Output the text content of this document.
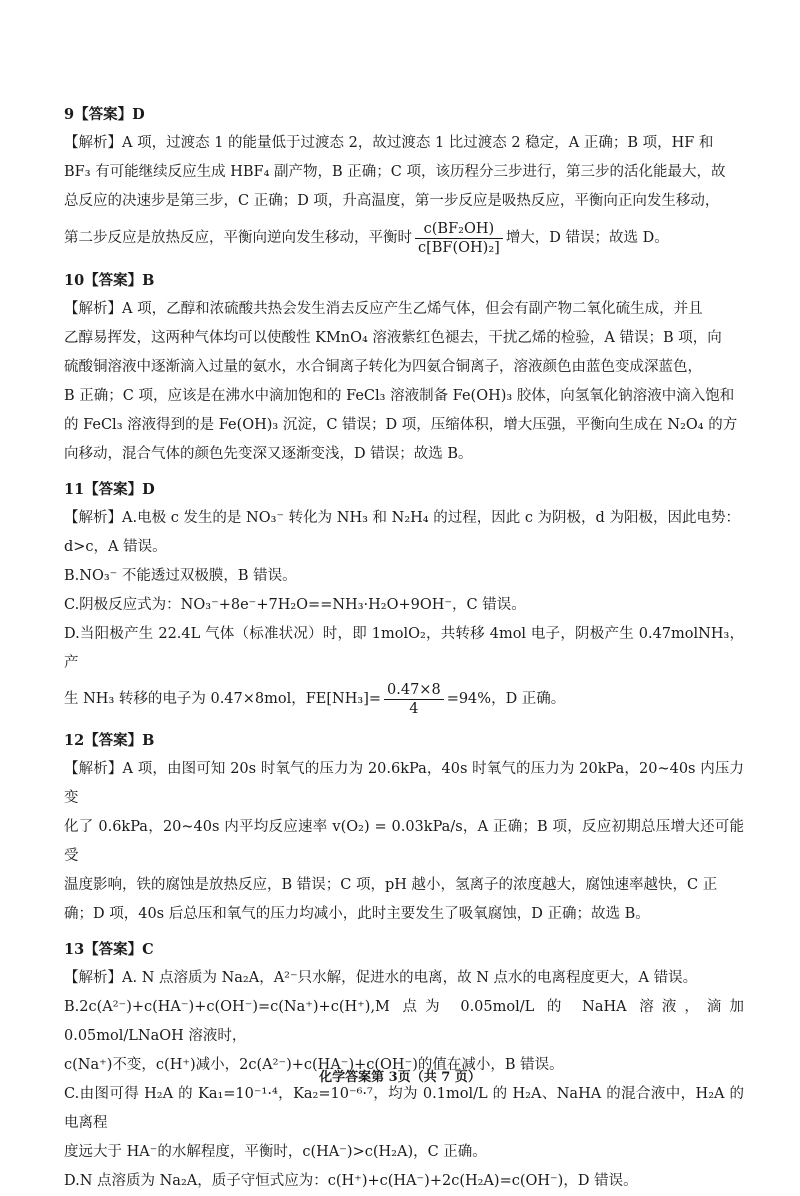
9【答案】D

【解析】A 项，过渡态 1 的能量低于过渡态 2，故过渡态 1 比过渡态 2 稳定，A 正确；B 项，HF 和

BF₃ 有可能继续反应生成 HBF₄ 副产物，B 正确；C 项，该历程分三步进行，第三步的活化能最大，故

总反应的决速步是第三步，C 正确；D 项，升高温度，第一步反应是吸热反应，平衡向正向发生移动，

第二步反应是放热反应，平衡向逆向发生移动，平衡时 $\frac{\text{c(BF₂OH)}}{\text{c[BF(OH)₂]}}$ 增大，D 错误；故选 D。

10【答案】B

【解析】A 项，乙醇和浓硫酸共热会发生消去反应产生乙烯气体，但会有副产物二氧化硫生成，并且

乙醇易挥发，这两种气体均可以使酸性 KMnO₄ 溶液紫红色褪去，干扰乙烯的检验，A 错误；B 项，向

硫酸铜溶液中逐渐滴入过量的氨水，水合铜离子转化为四氨合铜离子，溶液颜色由蓝色变成深蓝色，

B 正确；C 项，应该是在沸水中滴加饱和的 FeCl₃ 溶液制备 Fe(OH)₃ 胶体，向氢氧化钠溶液中滴入饱和

的 FeCl₃ 溶液得到的是 Fe(OH)₃ 沉淀，C 错误；D 项，压缩体积，增大压强，平衡向生成在 N₂O₄ 的方

向移动，混合气体的颜色先变深又逐渐变浅，D 错误；故选 B。

11【答案】D

【解析】A.电极 c 发生的是 NO₃⁻ 转化为 NH₃ 和 N₂H₄ 的过程，因此 c 为阴极，d 为阳极，因此电势：

d>c，A 错误。

B.NO₃⁻ 不能透过双极膜，B 错误。

C.阴极反应式为：NO₃⁻+8e⁻+7H₂O==NH₃·H₂O+9OH⁻，C 错误。

D.当阳极产生 22.4L 气体（标准状况）时，即 1molO₂，共转移 4mol 电子，阴极产生 0.47molNH₃，产

生 NH₃ 转移的电子为 0.47×8mol，$FE[NH_3]= \frac{0.47\times 8}{4} =94\%$，D 正确。

12【答案】B

【解析】A 项，由图可知 20s 时氧气的压力为 20.6kPa，40s 时氧气的压力为 20kPa，20~40s 内压力变

化了 0.6kPa，20~40s 内平均反应速率 v(O₂) = 0.03kPa/s，A 正确；B 项，反应初期总压增大还可能受

温度影响，铁的腐蚀是放热反应，B 错误；C 项，pH 越小，氢离子的浓度越大，腐蚀速率越快，C 正

确；D 项，40s 后总压和氧气的压力均减小，此时主要发生了吸氧腐蚀，D 正确；故选 B。

13【答案】C

【解析】A. N 点溶质为 Na₂A，A²⁻只水解，促进水的电离，故 N 点水的电离程度更大，A 错误。

B.2c(A²⁻)+c(HA⁻)+c(OH⁻)=c(Na⁺)+c(H⁺),M 点为 0.05mol/L 的 NaHA 溶液，滴加 0.05mol/LNaOH 溶液时，

c(Na⁺)不变，c(H⁺)减小，2c(A²⁻)+c(HA⁻)+c(OH⁻)的值在减小，B 错误。

C.由图可得 H₂A 的 Ka₁=10⁻¹·⁴，Ka₂=10⁻⁶·⁷，均为 0.1mol/L 的 H₂A、NaHA 的混合液中，H₂A 的电离程

度远大于 HA⁻的水解程度，平衡时，c(HA⁻)>c(H₂A)，C 正确。

D.N 点溶质为 Na₂A，质子守恒式应为：c(H⁺)+c(HA⁻)+2c(H₂A)=c(OH⁻)，D 错误。

化学答案第 3页（共 7 页）
